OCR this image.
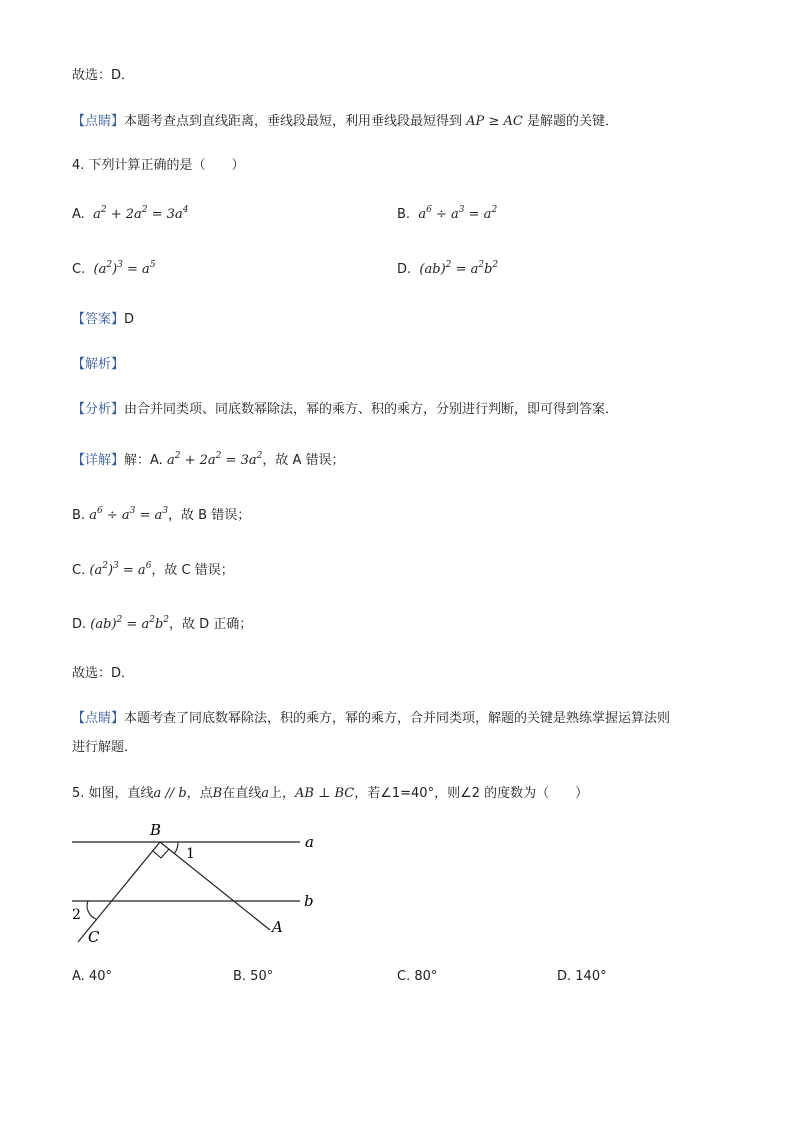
故选：D．
【点睛】本题考查点到直线距离，垂线段最短，利用垂线段最短得到 AP ≥ AC 是解题的关键．
4. 下列计算正确的是（　　）
A. $a^2 + 2a^2 = 3a^4$	B. $a^6 \div a^3 = a^2$
C. $(a^2)^3 = a^5$	D. $(ab)^2 = a^2b^2$
【答案】D
【解析】
【分析】由合并同类项、同底数幂除法，幂的乘方、积的乘方，分别进行判断，即可得到答案．
【详解】解：A. $a^2 + 2a^2 = 3a^2$，故 A 错误；
B. $a^6 \div a^3 = a^3$，故 B 错误；
C. $(a^2)^3 = a^6$，故 C 错误；
D. $(ab)^2 = a^2b^2$，故 D 正确；
故选：D．
【点睛】本题考查了同底数幂除法，积的乘方，幂的乘方，合并同类项，解题的关键是熟练掌握运算法则
进行解题．
5. 如图，直线a // b，点B在直线a上，AB ⊥ BC，若∠1=40°，则∠2 的度数为（　　）
B
a
b
1
2
C
A
A. 40°	B. 50°	C. 80°	D. 140°
